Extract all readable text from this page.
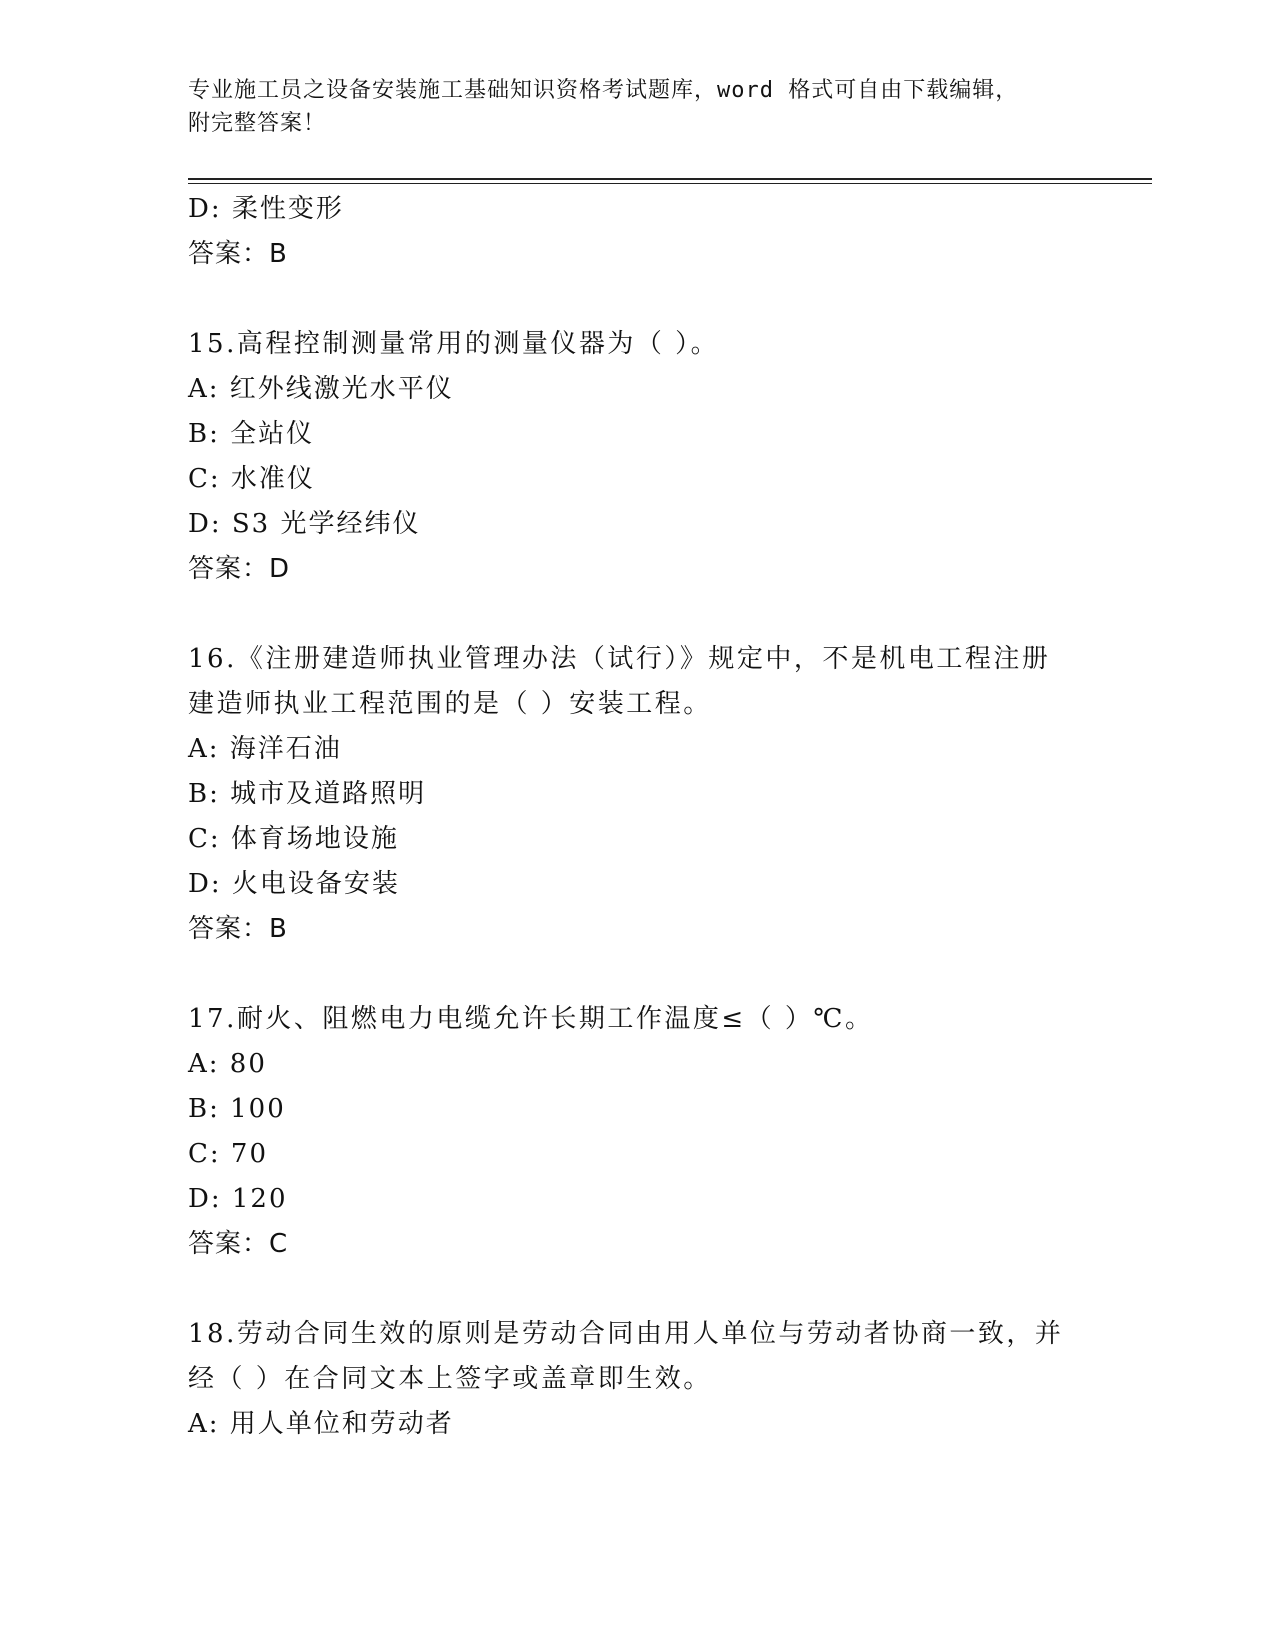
专业施工员之设备安装施工基础知识资格考试题库，word 格式可自由下载编辑，
附完整答案！
D: 柔性变形
答案：B
15.高程控制测量常用的测量仪器为（ ）。
A: 红外线激光水平仪
B: 全站仪
C: 水准仪
D: S3 光学经纬仪
答案：D
16.《注册建造师执业管理办法（试行）》规定中，不是机电工程注册
建造师执业工程范围的是（ ）安装工程。
A: 海洋石油
B: 城市及道路照明
C: 体育场地设施
D: 火电设备安装
答案：B
17.耐火、阻燃电力电缆允许长期工作温度≤（ ）℃。
A: 80
B: 100
C: 70
D: 120
答案：C
18.劳动合同生效的原则是劳动合同由用人单位与劳动者协商一致，并
经（ ）在合同文本上签字或盖章即生效。
A: 用人单位和劳动者
